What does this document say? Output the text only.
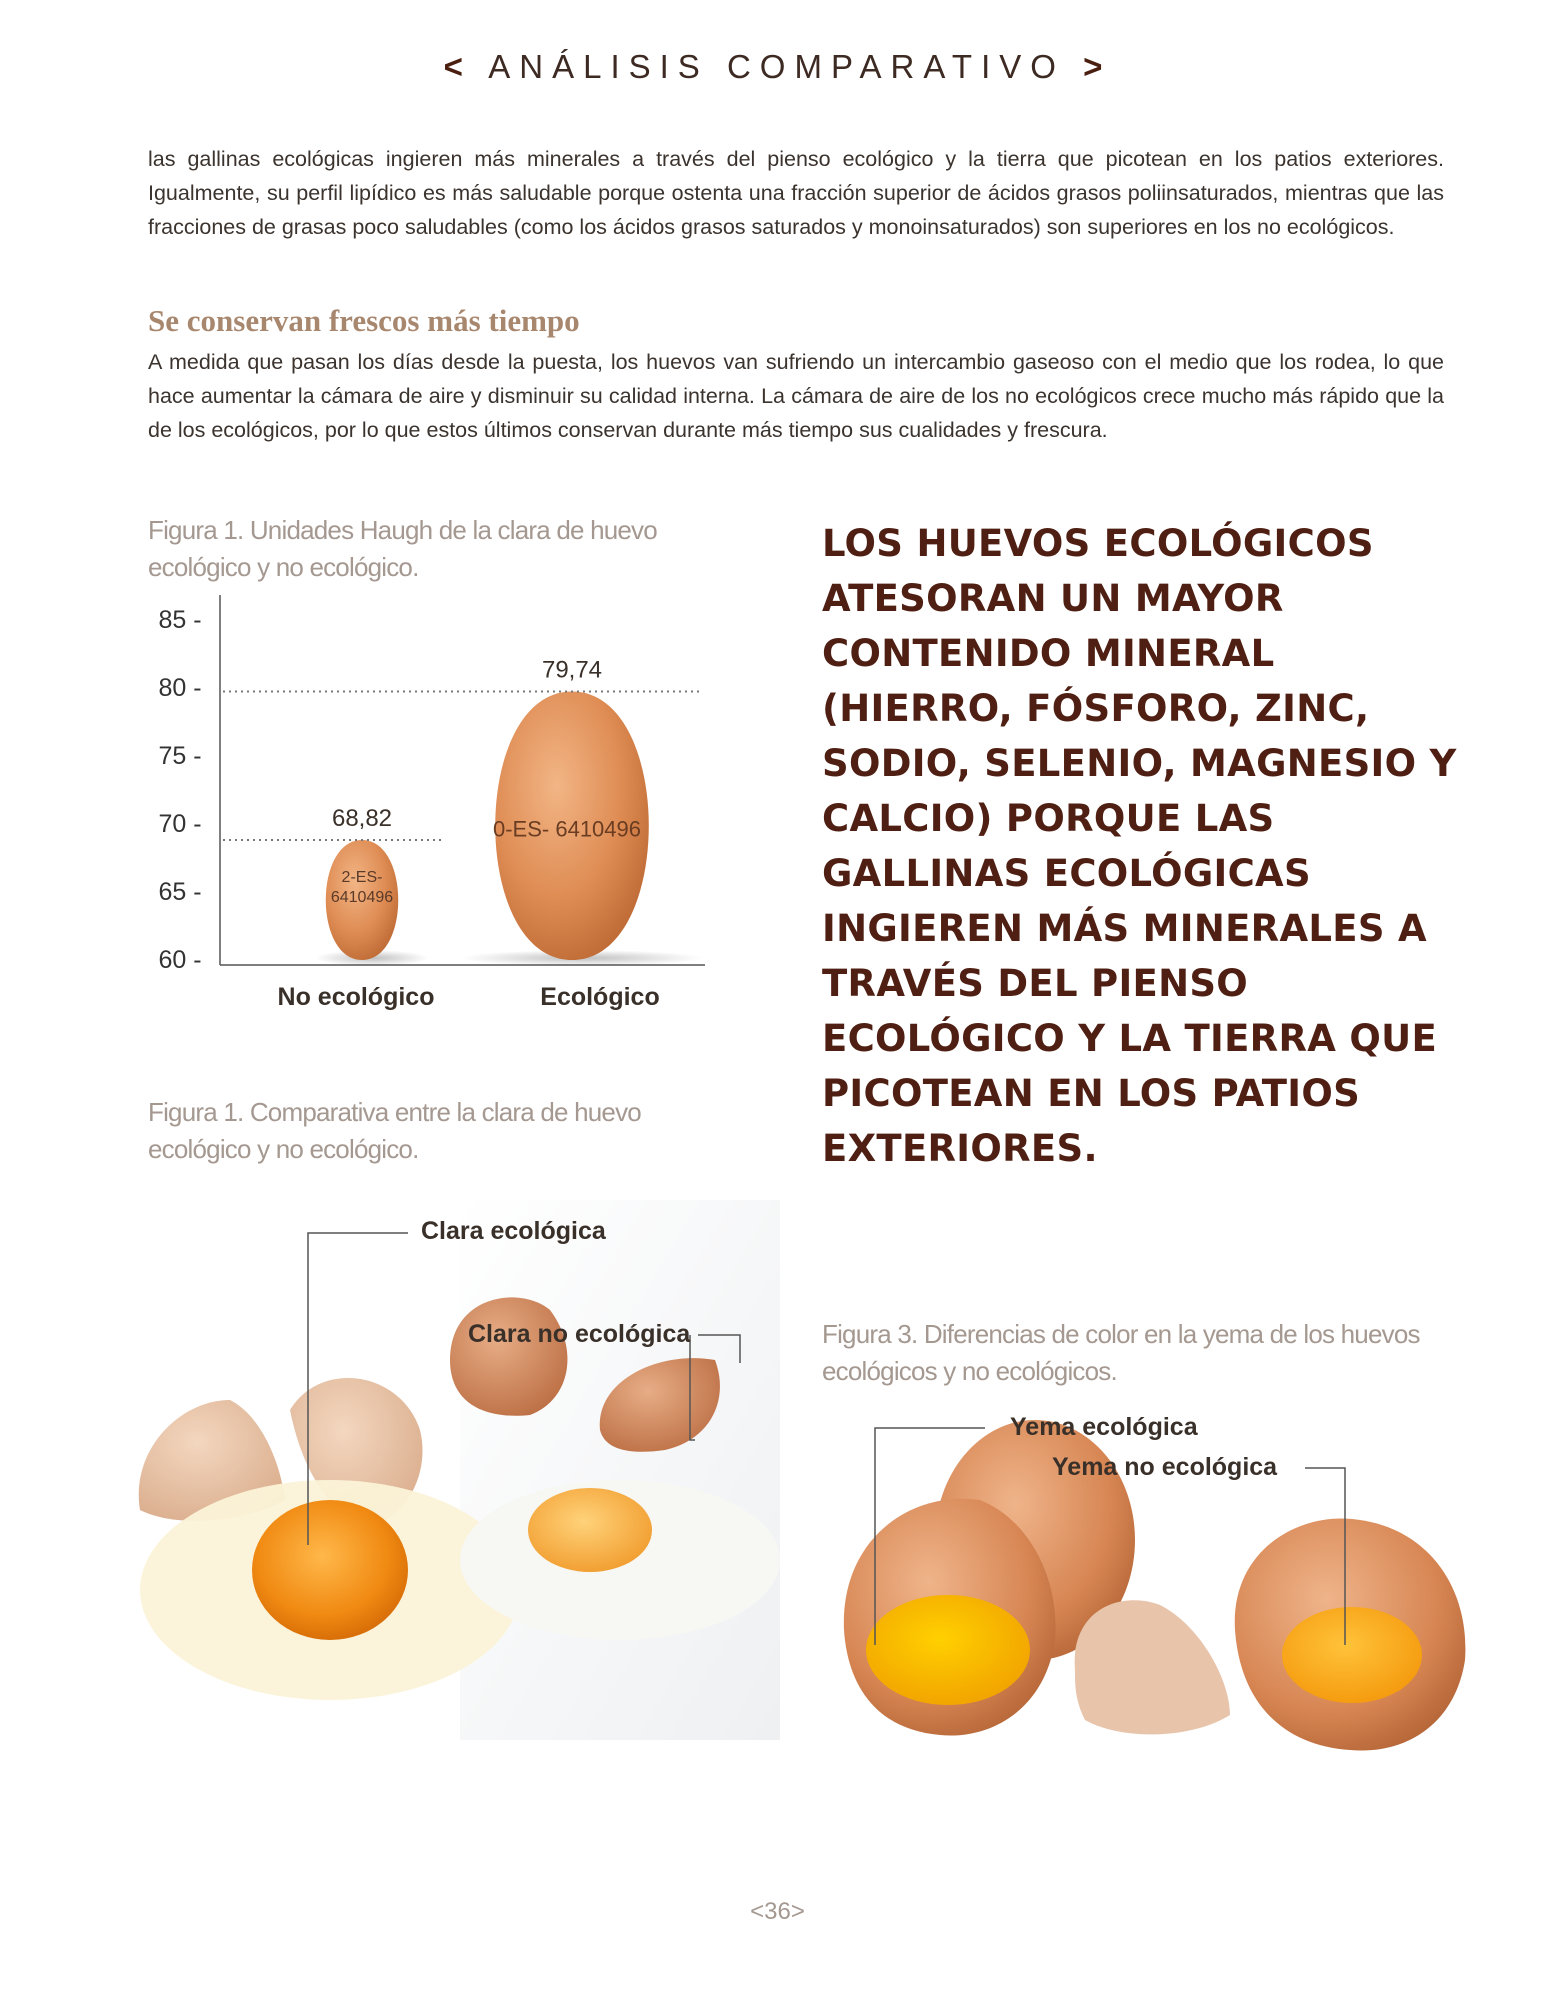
< ANÁLISIS COMPARATIVO >

las gallinas ecológicas ingieren más minerales a través del pienso ecológico y la tierra que picotean en los patios exteriores. Igualmente, su perfil lipídico es más saludable porque ostenta una fracción superior de ácidos grasos poliinsaturados, mientras que las fracciones de grasas poco saludables (como los ácidos grasos saturados y monoinsaturados) son superiores en los no ecológicos.

Se conservan frescos más tiempo

A medida que pasan los días desde la puesta, los huevos van sufriendo un intercambio gaseoso con el medio que los rodea, lo que hace aumentar la cámara de aire y disminuir su calidad interna. La cámara de aire de los no ecológicos crece mucho más rápido que la de los ecológicos, por lo que estos últimos conservan durante más tiempo sus cualidades y frescura.

Figura 1. Unidades Haugh de la clara de huevo ecológico y no ecológico.

85 -
80 -
75 -
70 -
65 -
60 -
68,82
No ecológico
79,74
Ecológico
2-ES-6410496
0-ES- 6410496

LOS HUEVOS ECOLÓGICOS ATESORAN UN MAYOR CONTENIDO MINERAL (HIERRO, FÓSFORO, ZINC, SODIO, SELENIO, MAGNESIO Y CALCIO) PORQUE LAS GALLINAS ECOLÓGICAS INGIEREN MÁS MINERALES A TRAVÉS DEL PIENSO ECOLÓGICO Y LA TIERRA QUE PICOTEAN EN LOS PATIOS EXTERIORES.

Figura 1. Comparativa entre la clara de huevo ecológico y no ecológico.

Clara ecológica
Clara no ecológica	Figura 3. Diferencias de color en la yema de los huevos ecológicos y no ecológicos.

Yema ecológica
Yema no ecológica
<36>
